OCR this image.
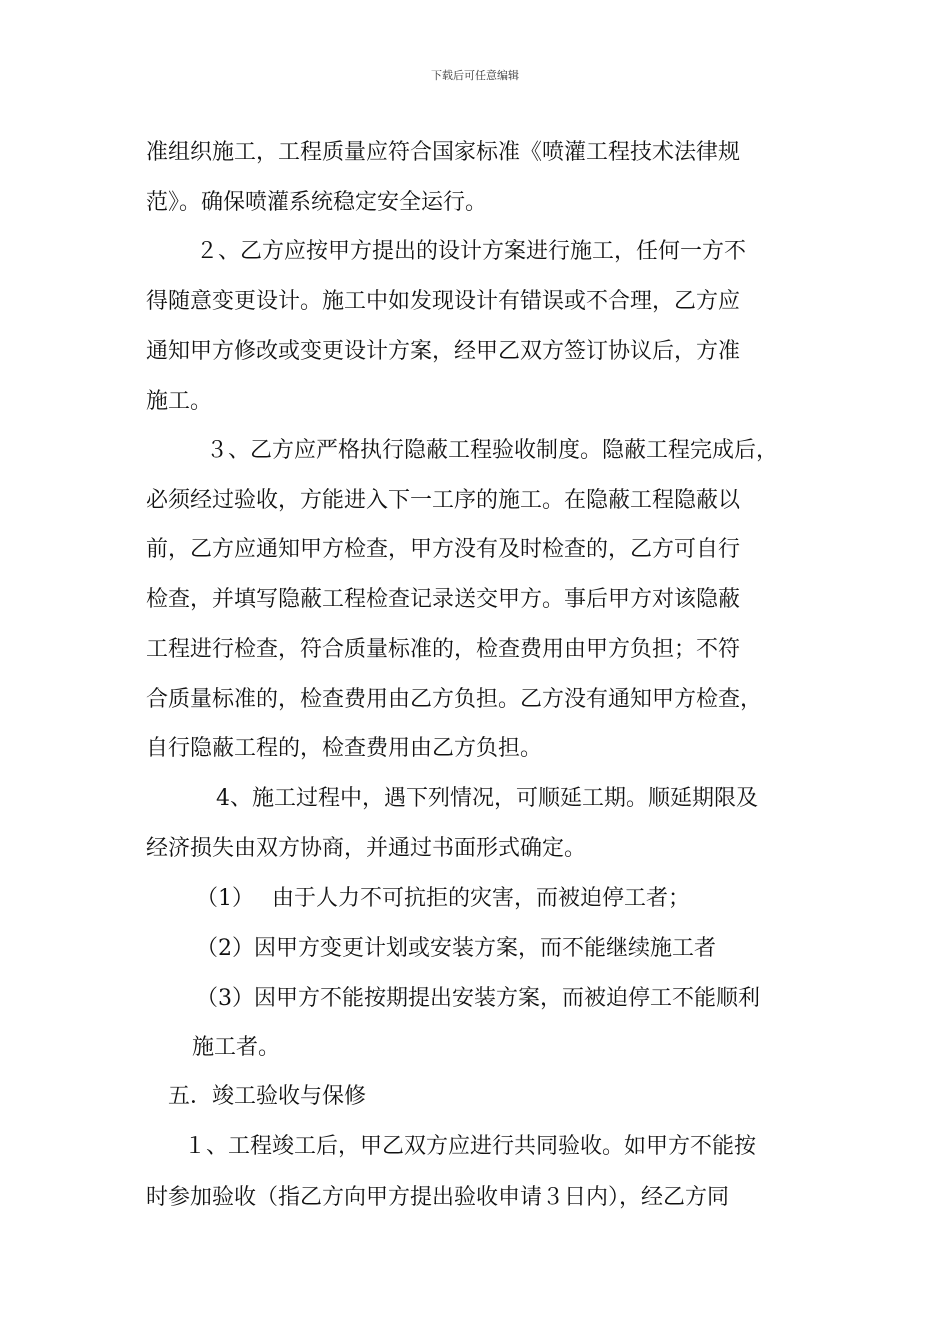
下载后可任意编辑
准组织施工，工程质量应符合国家标准《喷灌工程技术法律规
范》。确保喷灌系统稳定安全运行。
２、乙方应按甲方提出的设计方案进行施工，任何一方不
得随意变更设计。施工中如发现设计有错误或不合理，乙方应
通知甲方修改或变更设计方案，经甲乙双方签订协议后，方准
施工。
３、乙方应严格执行隐蔽工程验收制度。隐蔽工程完成后，
必须经过验收，方能进入下一工序的施工。在隐蔽工程隐蔽以
前，乙方应通知甲方检查，甲方没有及时检查的，乙方可自行
检查，并填写隐蔽工程检查记录送交甲方。事后甲方对该隐蔽
工程进行检查，符合质量标准的，检查费用由甲方负担；不符
合质量标准的，检查费用由乙方负担。乙方没有通知甲方检查，
自行隐蔽工程的，检查费用由乙方负担。
4、施工过程中，遇下列情况，可顺延工期。顺延期限及
经济损失由双方协商，并通过书面形式确定。
（1）　 由于人力不可抗拒的灾害，而被迫停工者；
（2）因甲方变更计划或安装方案，而不能继续施工者
（3）因甲方不能按期提出安装方案，而被迫停工不能顺利
施工者。
五．竣工验收与保修
１、工程竣工后，甲乙双方应进行共同验收。如甲方不能按
时参加验收（指乙方向甲方提出验收申请３日内），经乙方同
